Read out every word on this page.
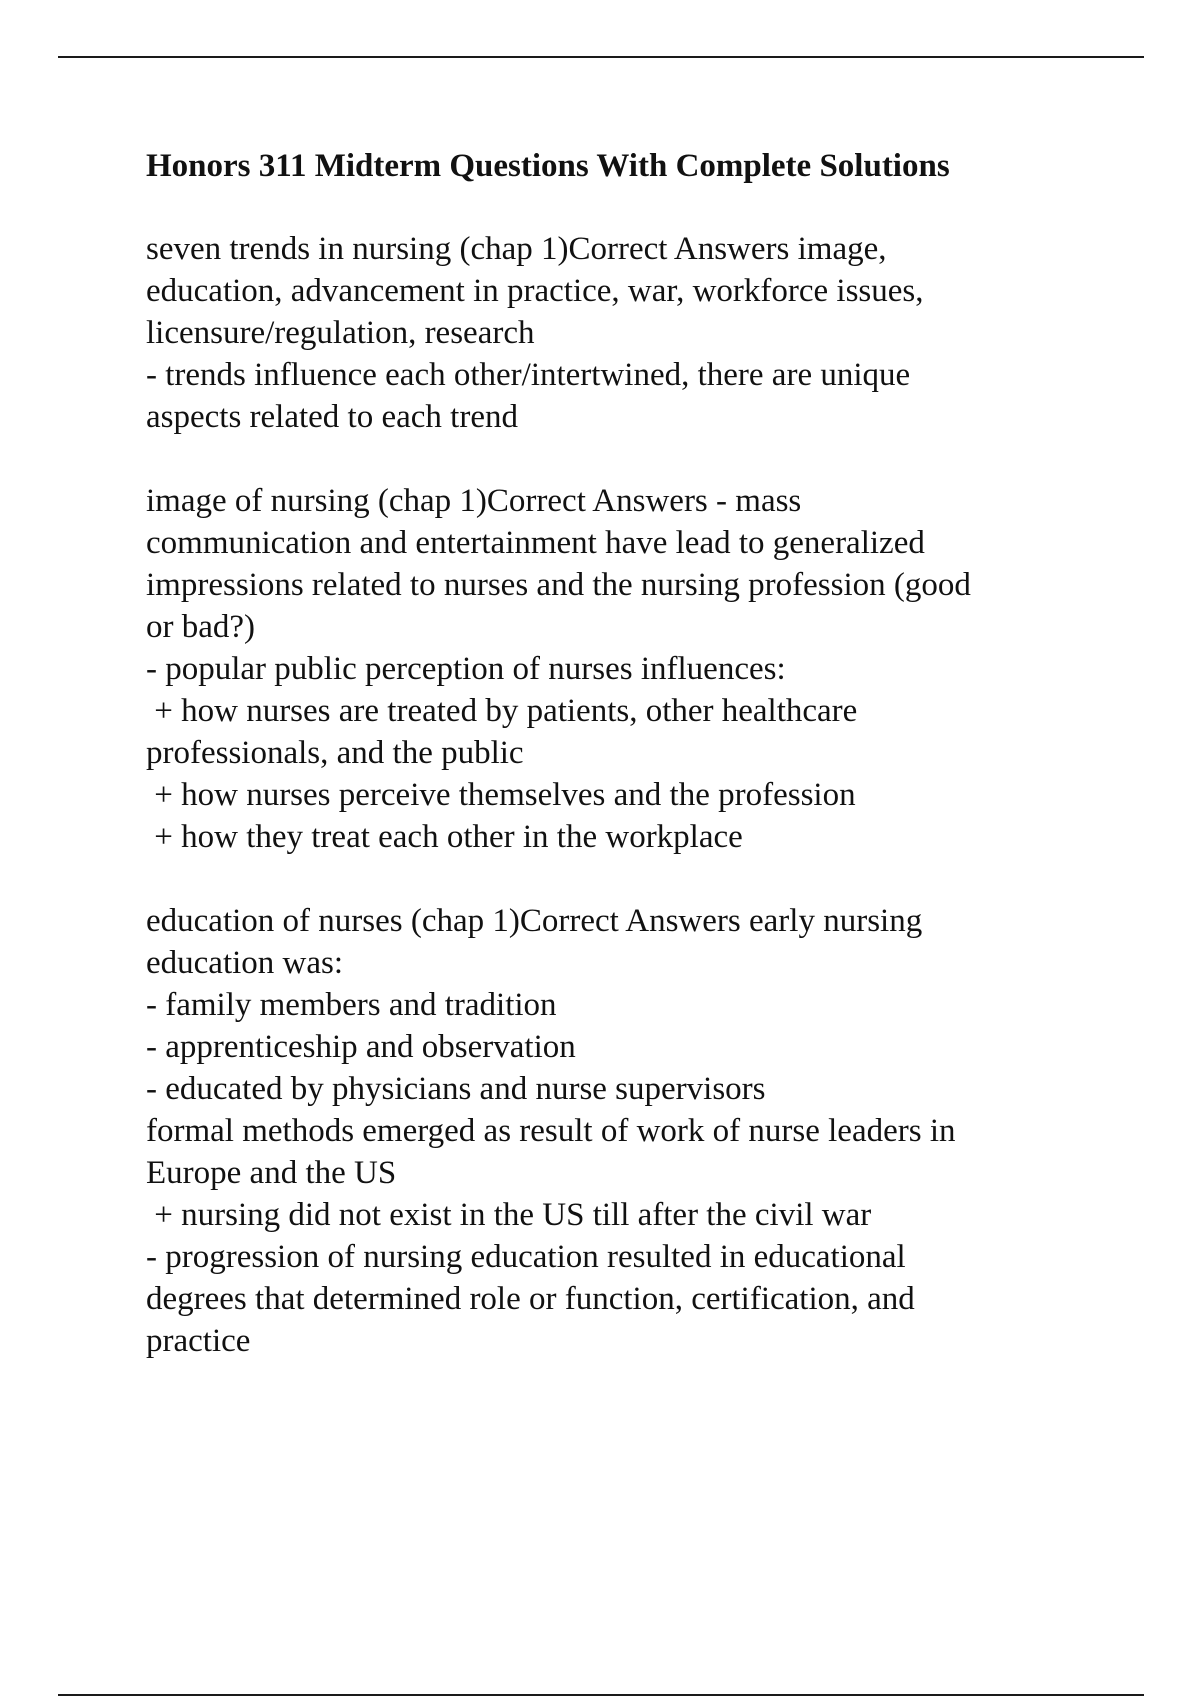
Honors 311 Midterm Questions With Complete Solutions
seven trends in nursing (chap 1)Correct Answers image,
education, advancement in practice, war, workforce issues,
licensure/regulation, research
- trends influence each other/intertwined, there are unique
aspects related to each trend
image of nursing (chap 1)Correct Answers - mass
communication and entertainment have lead to generalized
impressions related to nurses and the nursing profession (good
or bad?)
- popular public perception of nurses influences:
+ how nurses are treated by patients, other healthcare
professionals, and the public
+ how nurses perceive themselves and the profession
+ how they treat each other in the workplace
education of nurses (chap 1)Correct Answers early nursing
education was:
- family members and tradition
- apprenticeship and observation
- educated by physicians and nurse supervisors
formal methods emerged as result of work of nurse leaders in
Europe and the US
+ nursing did not exist in the US till after the civil war
- progression of nursing education resulted in educational
degrees that determined role or function, certification, and
practice
